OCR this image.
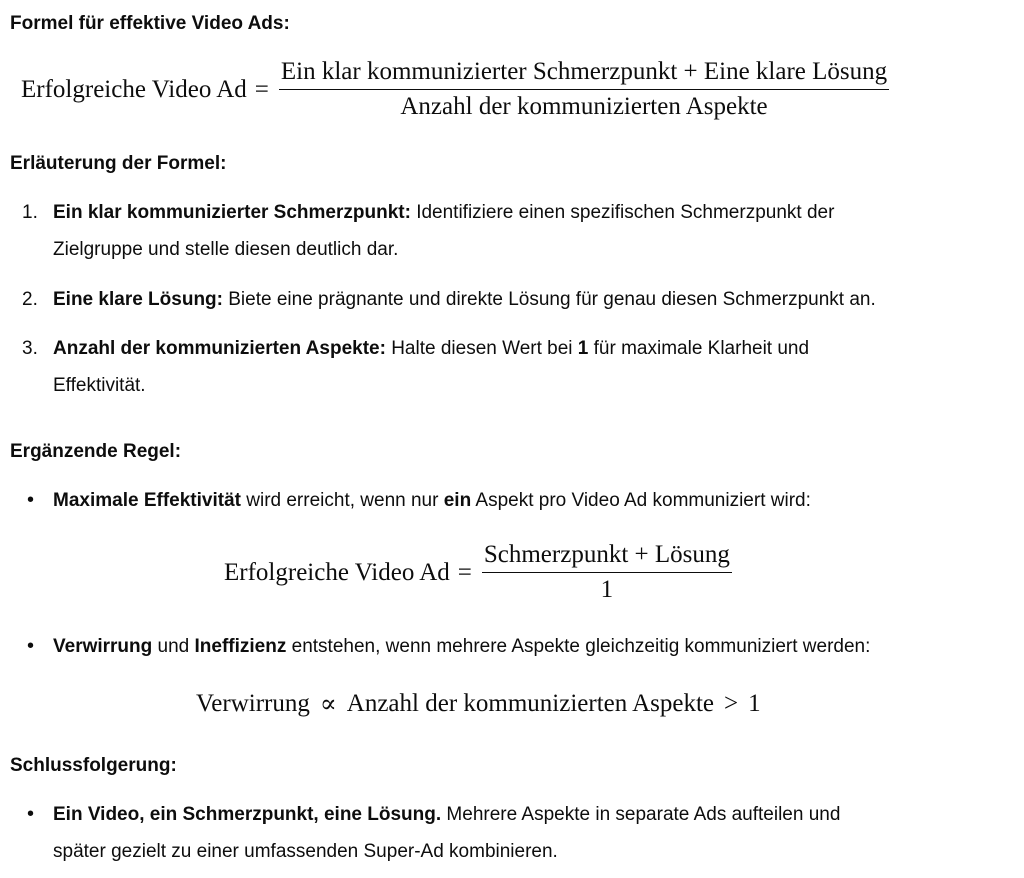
Formel für effektive Video Ads:
Erfolgreiche Video $Ad = \frac{\text{Ein klar kommunizierter Schmerzpunkt + Eine klare Lösung}}{\text{Anzahl der kommunizierten Aspekte}}$
Erläuterung der Formel:
1. Ein klar kommunizierter Schmerzpunkt: Identifiziere einen spezifischen Schmerzpunkt der
Zielgruppe und stelle diesen deutlich dar.
2. Eine klare Lösung: Biete eine prägnante und direkte Lösung für genau diesen Schmerzpunkt an.
3. Anzahl der kommunizierten Aspekte: Halte diesen Wert bei 1 für maximale Klarheit und
Effektivität.
Ergänzende Regel:
• Maximale Effektivität wird erreicht, wenn nur ein Aspekt pro Video Ad kommuniziert wird:
Erfolgreiche Video $Ad = \frac{\text{Schmerzpunkt + Lösung}}{1}$
• Verwirrung und Ineffizienz entstehen, wenn mehrere Aspekte gleichzeitig kommuniziert werden:
Verwirrung ∝ Anzahl der kommunizierten Aspekte > 1
Schlussfolgerung:
• Ein Video, ein Schmerzpunkt, eine Lösung. Mehrere Aspekte in separate Ads aufteilen und
später gezielt zu einer umfassenden Super-Ad kombinieren.
